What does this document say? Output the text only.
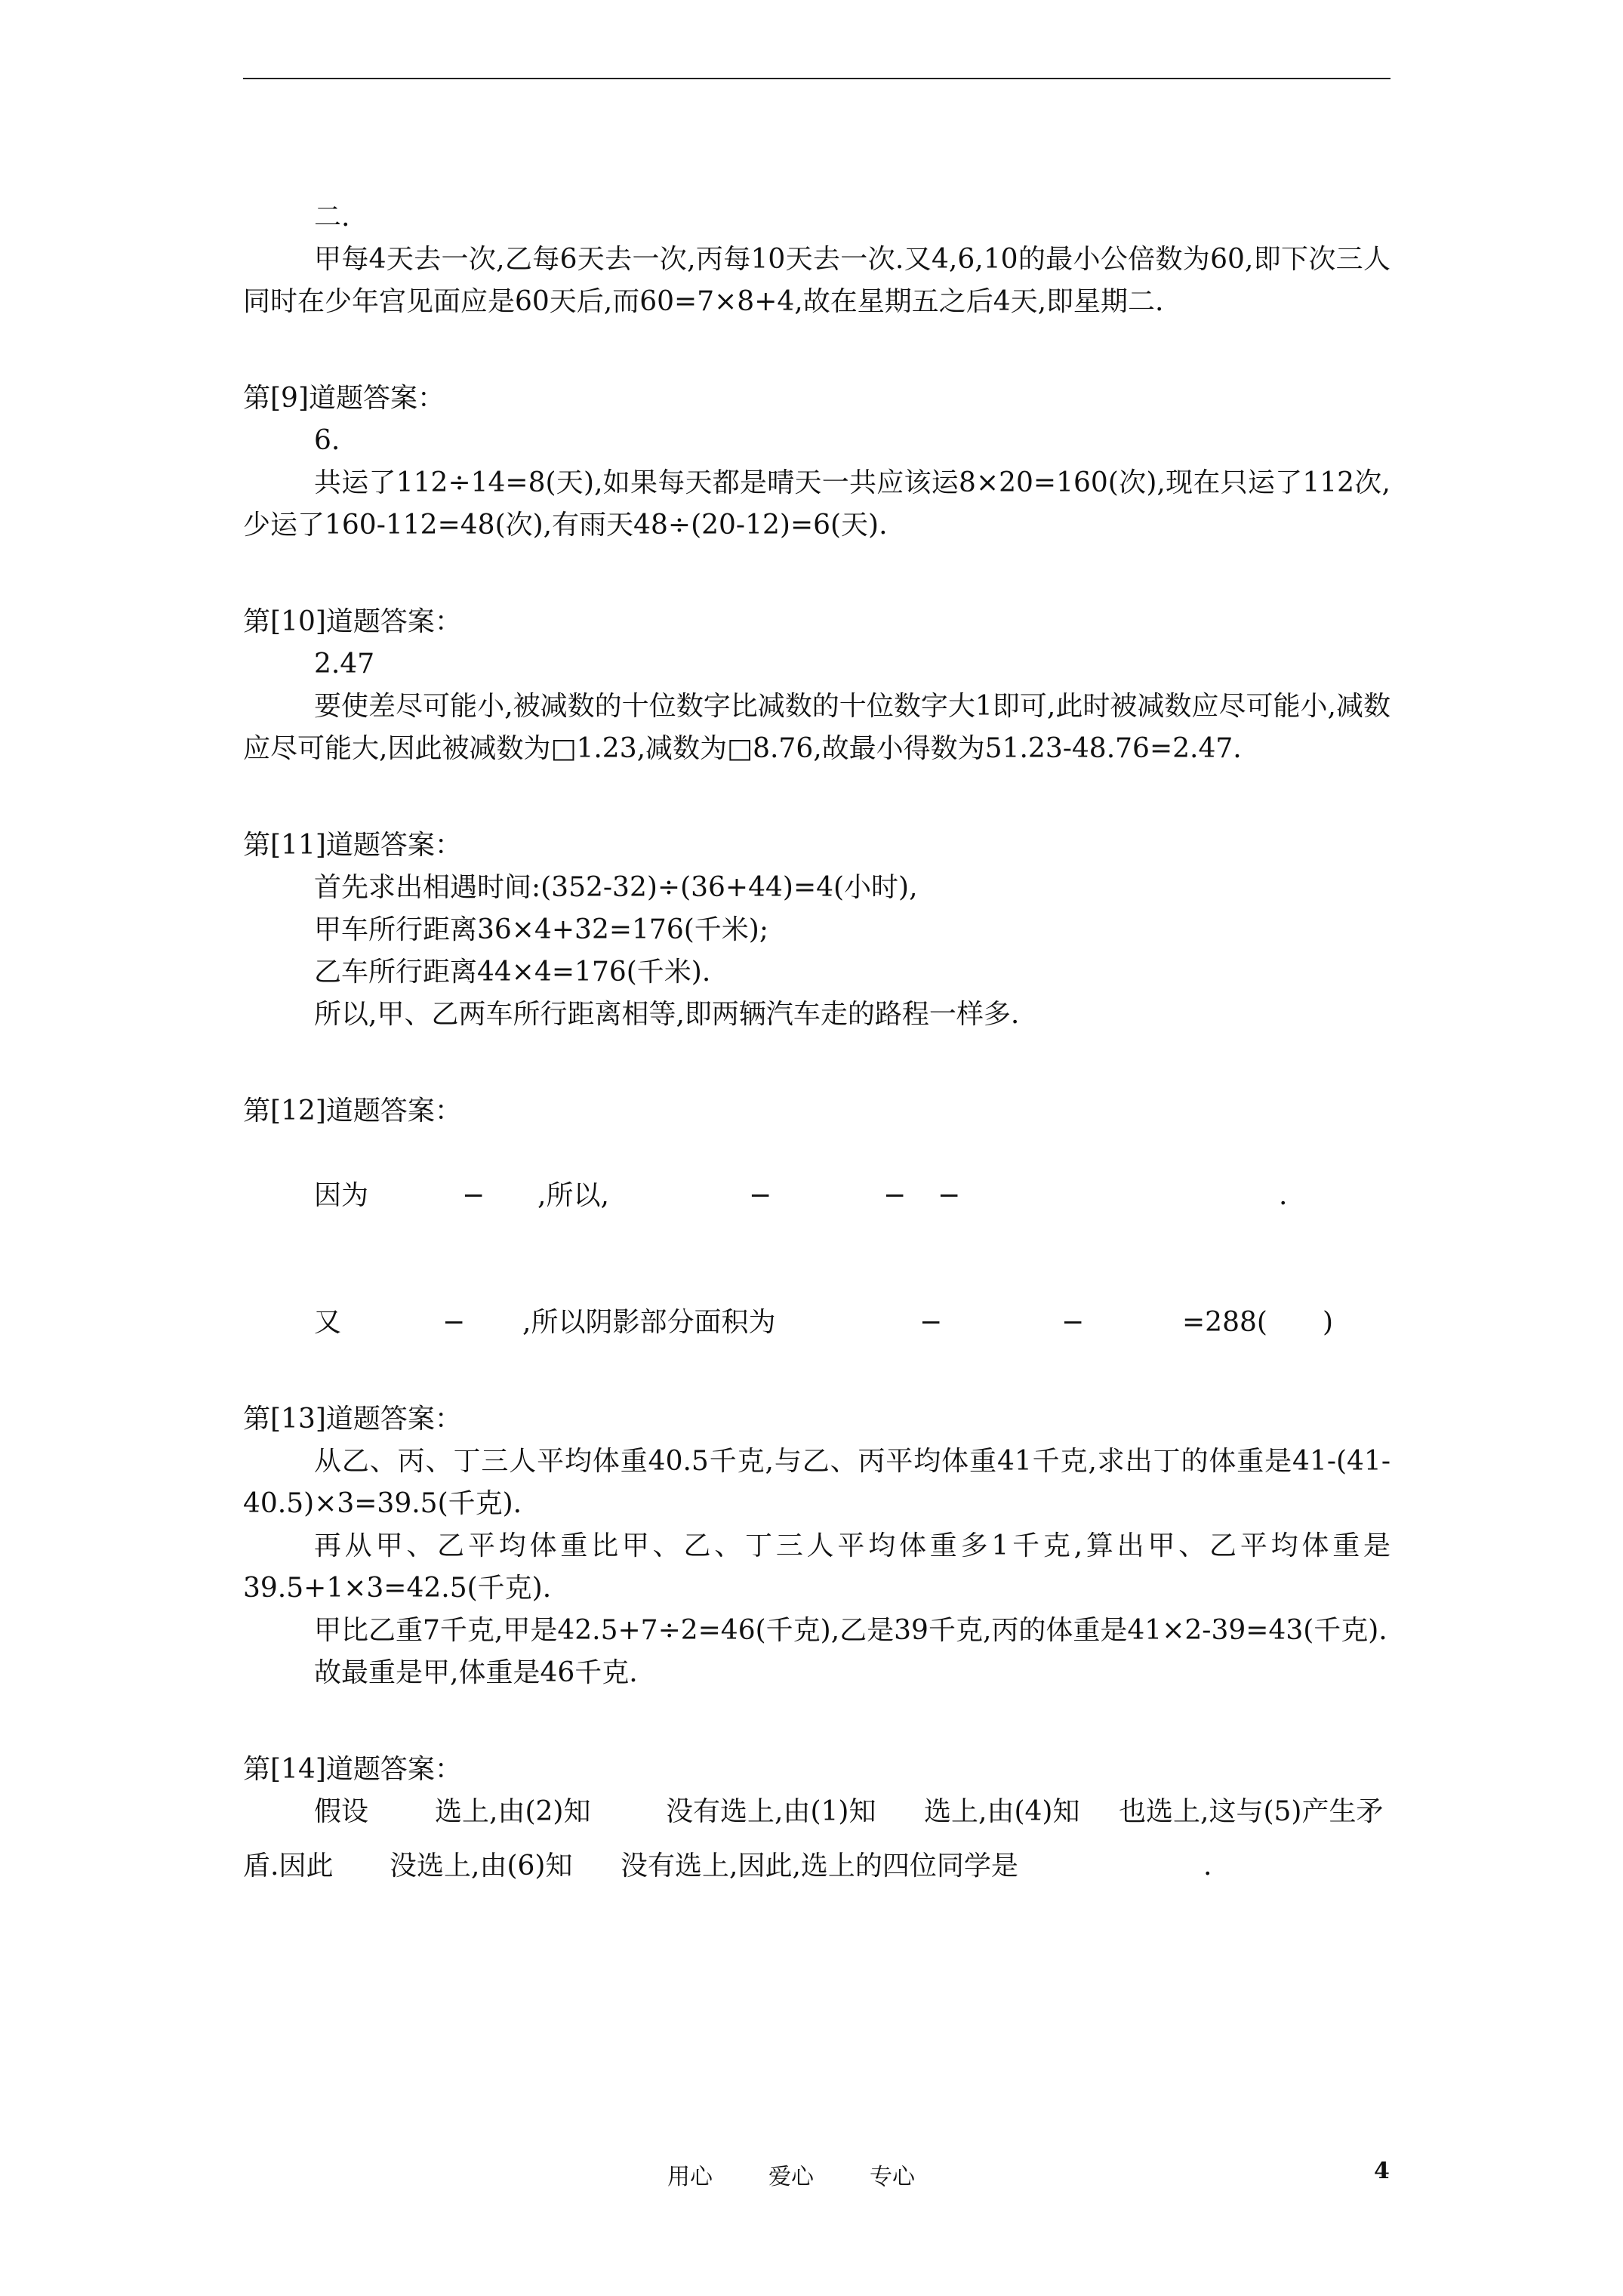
二.
甲每4天去一次,乙每6天去一次,丙每10天去一次.又4,6,10的最小公倍数为60,即下次三人同时在少年宫见面应是60天后,而60=7×8+4,故在星期五之后4天,即星期二.
第[9]道题答案：
6.
共运了112÷14=8(天),如果每天都是晴天一共应该运8×20=160(次),现在只运了112次,少运了160-112=48(次),有雨天48÷(20-12)=6(天).
第[10]道题答案：
2.47
要使差尽可能小,被减数的十位数字比减数的十位数字大1即可,此时被减数应尽可能小,减数应尽可能大,因此被减数为□1.23,减数为□8.76,故最小得数为51.23-48.76=2.47.
第[11]道题答案：
首先求出相遇时间:(352-32)÷(36+44)=4(小时),
甲车所行距离36×4+32=176(千米);
乙车所行距离44×4=176(千米).
所以,甲、乙两车所行距离相等,即两辆汽车走的路程一样多.
第[12]道题答案：
因为	− ,所以,	−	− −	.
又	− ,所以阴影部分面积为	−	−	=288( )
第[13]道题答案：
从乙、丙、丁三人平均体重40.5千克,与乙、丙平均体重41千克,求出丁的体重是41-(41-40.5)×3=39.5(千克).
再从甲、乙平均体重比甲、乙、丁三人平均体重多1千克,算出甲、乙平均体重是39.5+1×3=42.5(千克).
甲比乙重7千克,甲是42.5+7÷2=46(千克),乙是39千克,丙的体重是41×2-39=43(千克).
故最重是甲,体重是46千克.
第[14]道题答案：
假设 选上,由(2)知	没有选上,由(1)知 选上,由(4)知 也选上,这与(5)产生矛
盾.因此 没选上,由(6)知 没有选上,因此,选上的四位同学是	.
用心 爱心 专心	4
